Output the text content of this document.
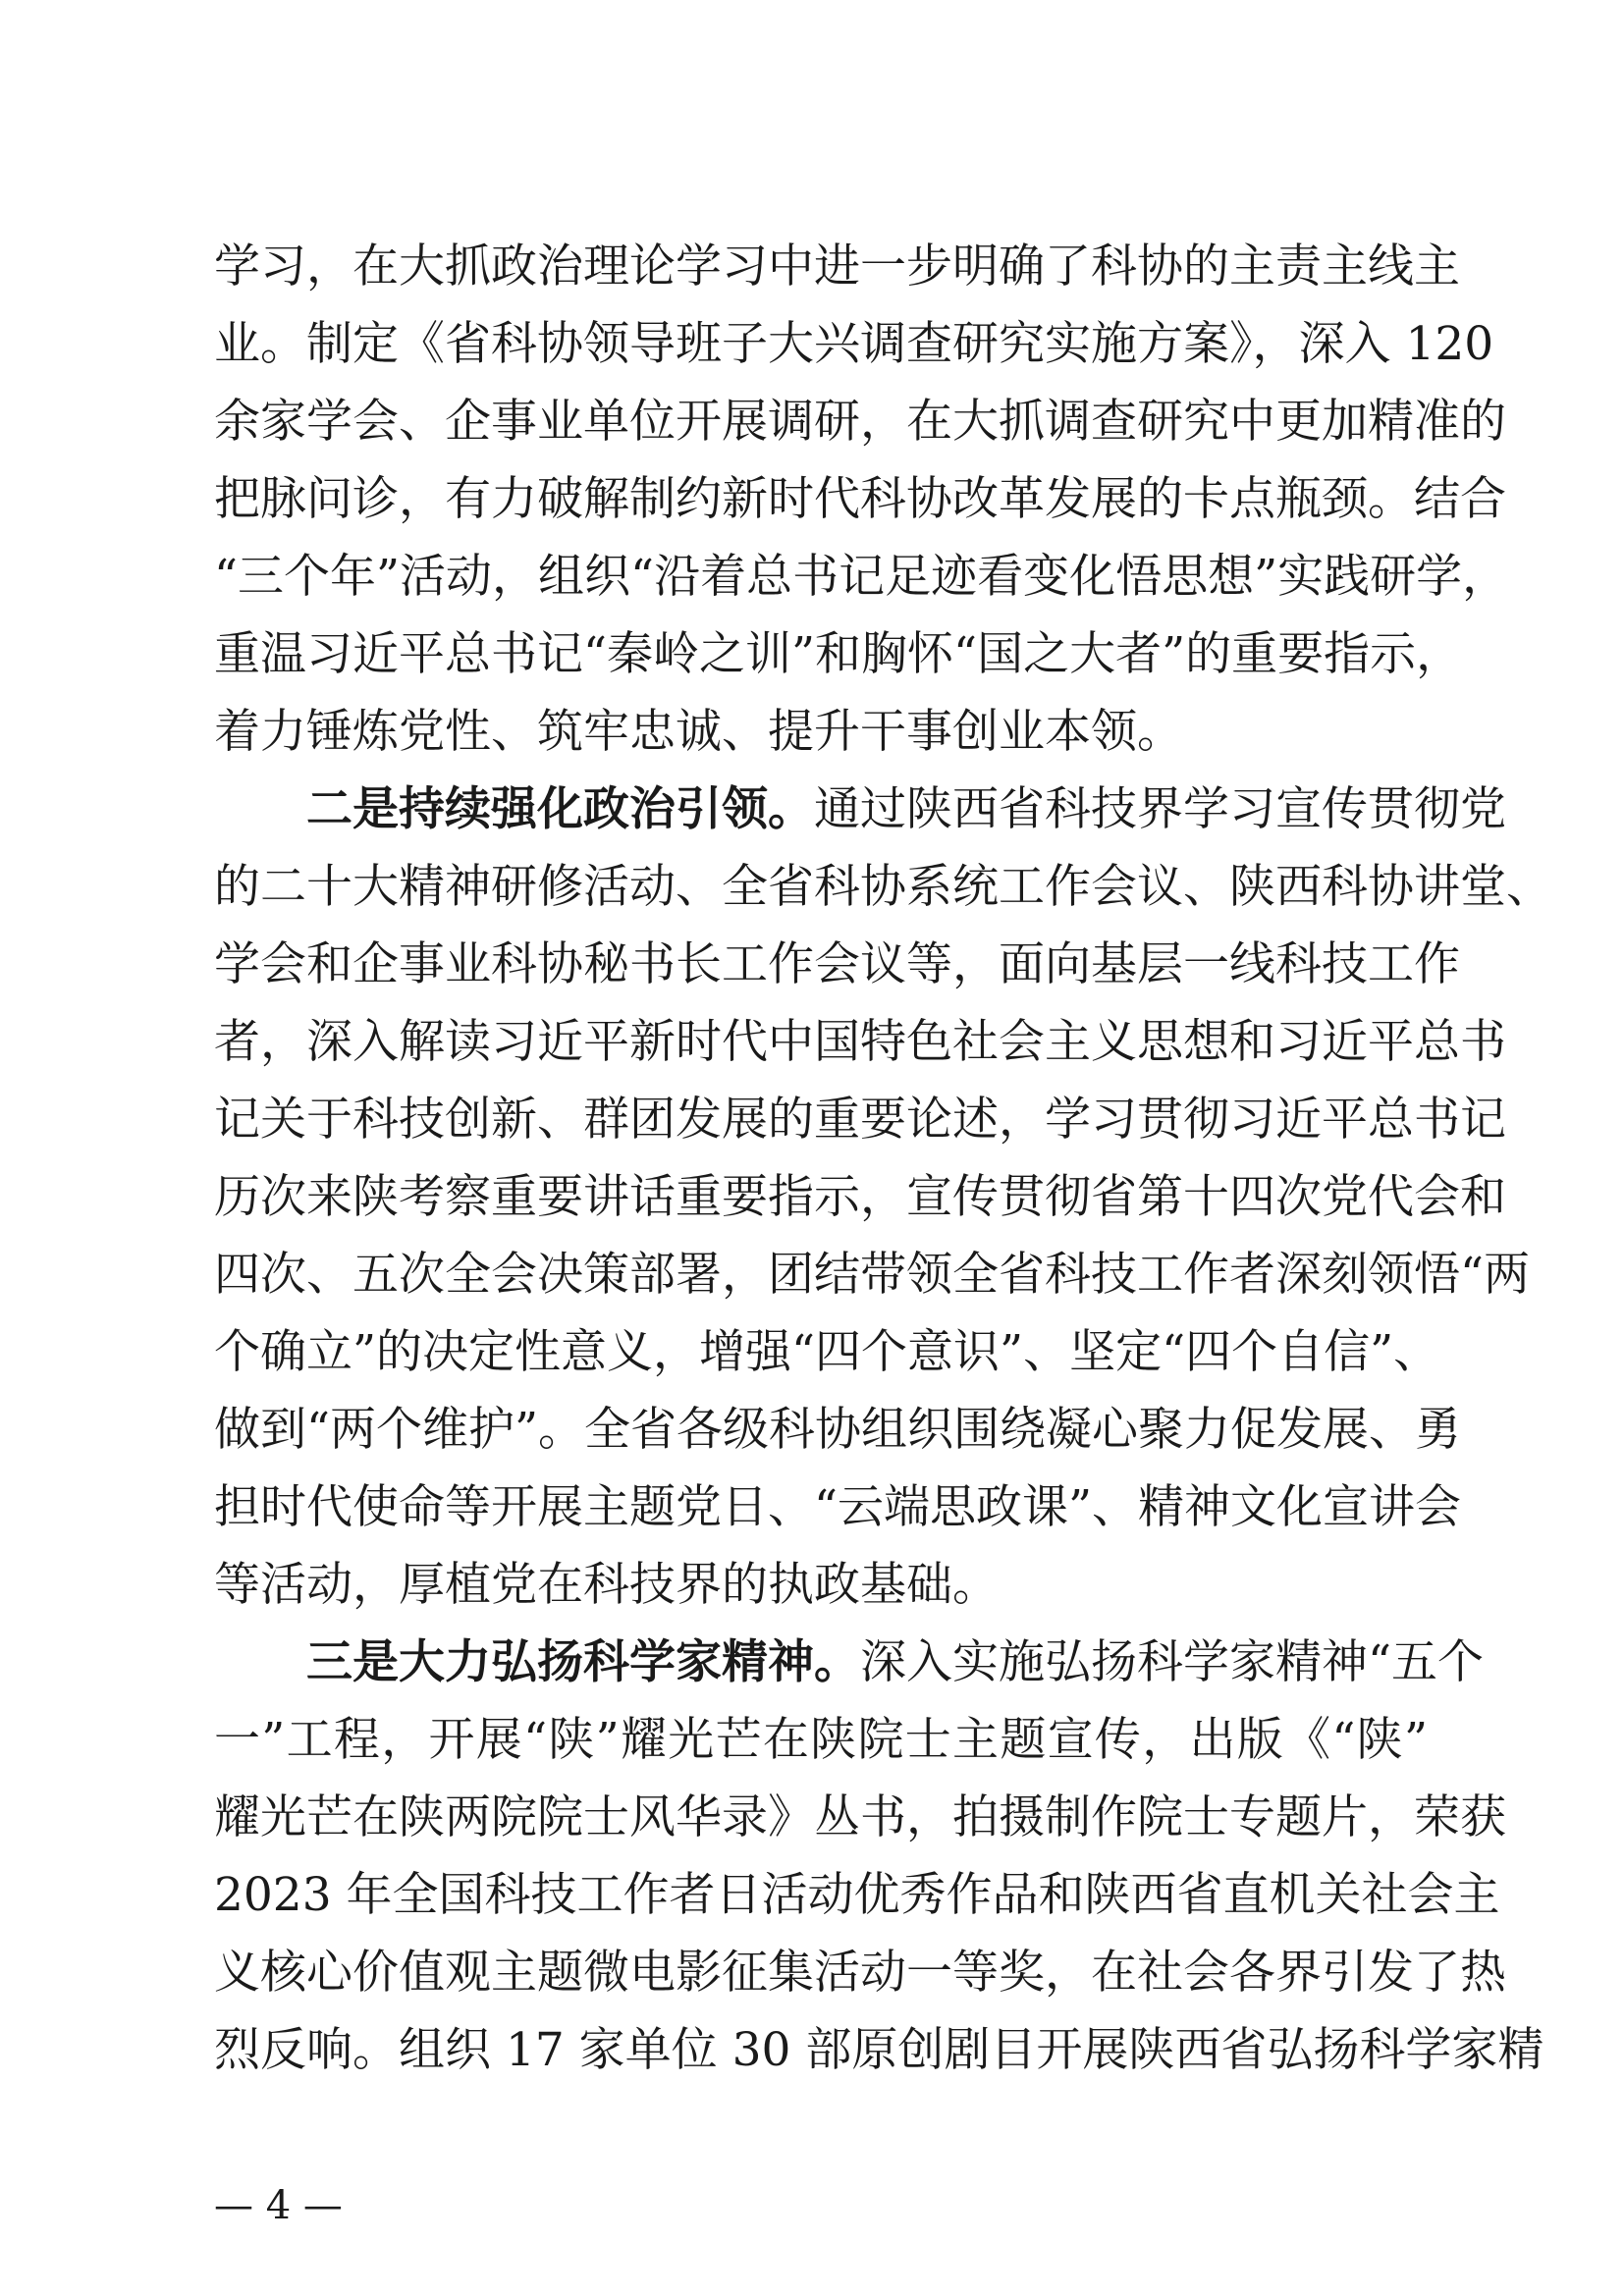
学习，在大抓政治理论学习中进一步明确了科协的主责主线主
业。制定《省科协领导班子大兴调查研究实施方案》，深入 120
余家学会、企事业单位开展调研，在大抓调查研究中更加精准的
把脉问诊，有力破解制约新时代科协改革发展的卡点瓶颈。结合
“三个年”活动，组织“沿着总书记足迹看变化悟思想”实践研学，
重温习近平总书记“秦岭之训”和胸怀“国之大者”的重要指示，
着力锤炼党性、筑牢忠诚、提升干事创业本领。
二是持续强化政治引领。通过陕西省科技界学习宣传贯彻党
的二十大精神研修活动、全省科协系统工作会议、陕西科协讲堂、
学会和企事业科协秘书长工作会议等，面向基层一线科技工作
者，深入解读习近平新时代中国特色社会主义思想和习近平总书
记关于科技创新、群团发展的重要论述，学习贯彻习近平总书记
历次来陕考察重要讲话重要指示，宣传贯彻省第十四次党代会和
四次、五次全会决策部署，团结带领全省科技工作者深刻领悟“两
个确立”的决定性意义，增强“四个意识”、坚定“四个自信”、
做到“两个维护”。全省各级科协组织围绕凝心聚力促发展、勇
担时代使命等开展主题党日、“云端思政课”、精神文化宣讲会
等活动，厚植党在科技界的执政基础。
三是大力弘扬科学家精神。深入实施弘扬科学家精神“五个
一”工程，开展“陕”耀光芒在陕院士主题宣传，出版《“陕”
耀光芒在陕两院院士风华录》丛书，拍摄制作院士专题片，荣获
2023 年全国科技工作者日活动优秀作品和陕西省直机关社会主
义核心价值观主题微电影征集活动一等奖，在社会各界引发了热
烈反响。组织 17 家单位 30 部原创剧目开展陕西省弘扬科学家精
— 4 —
